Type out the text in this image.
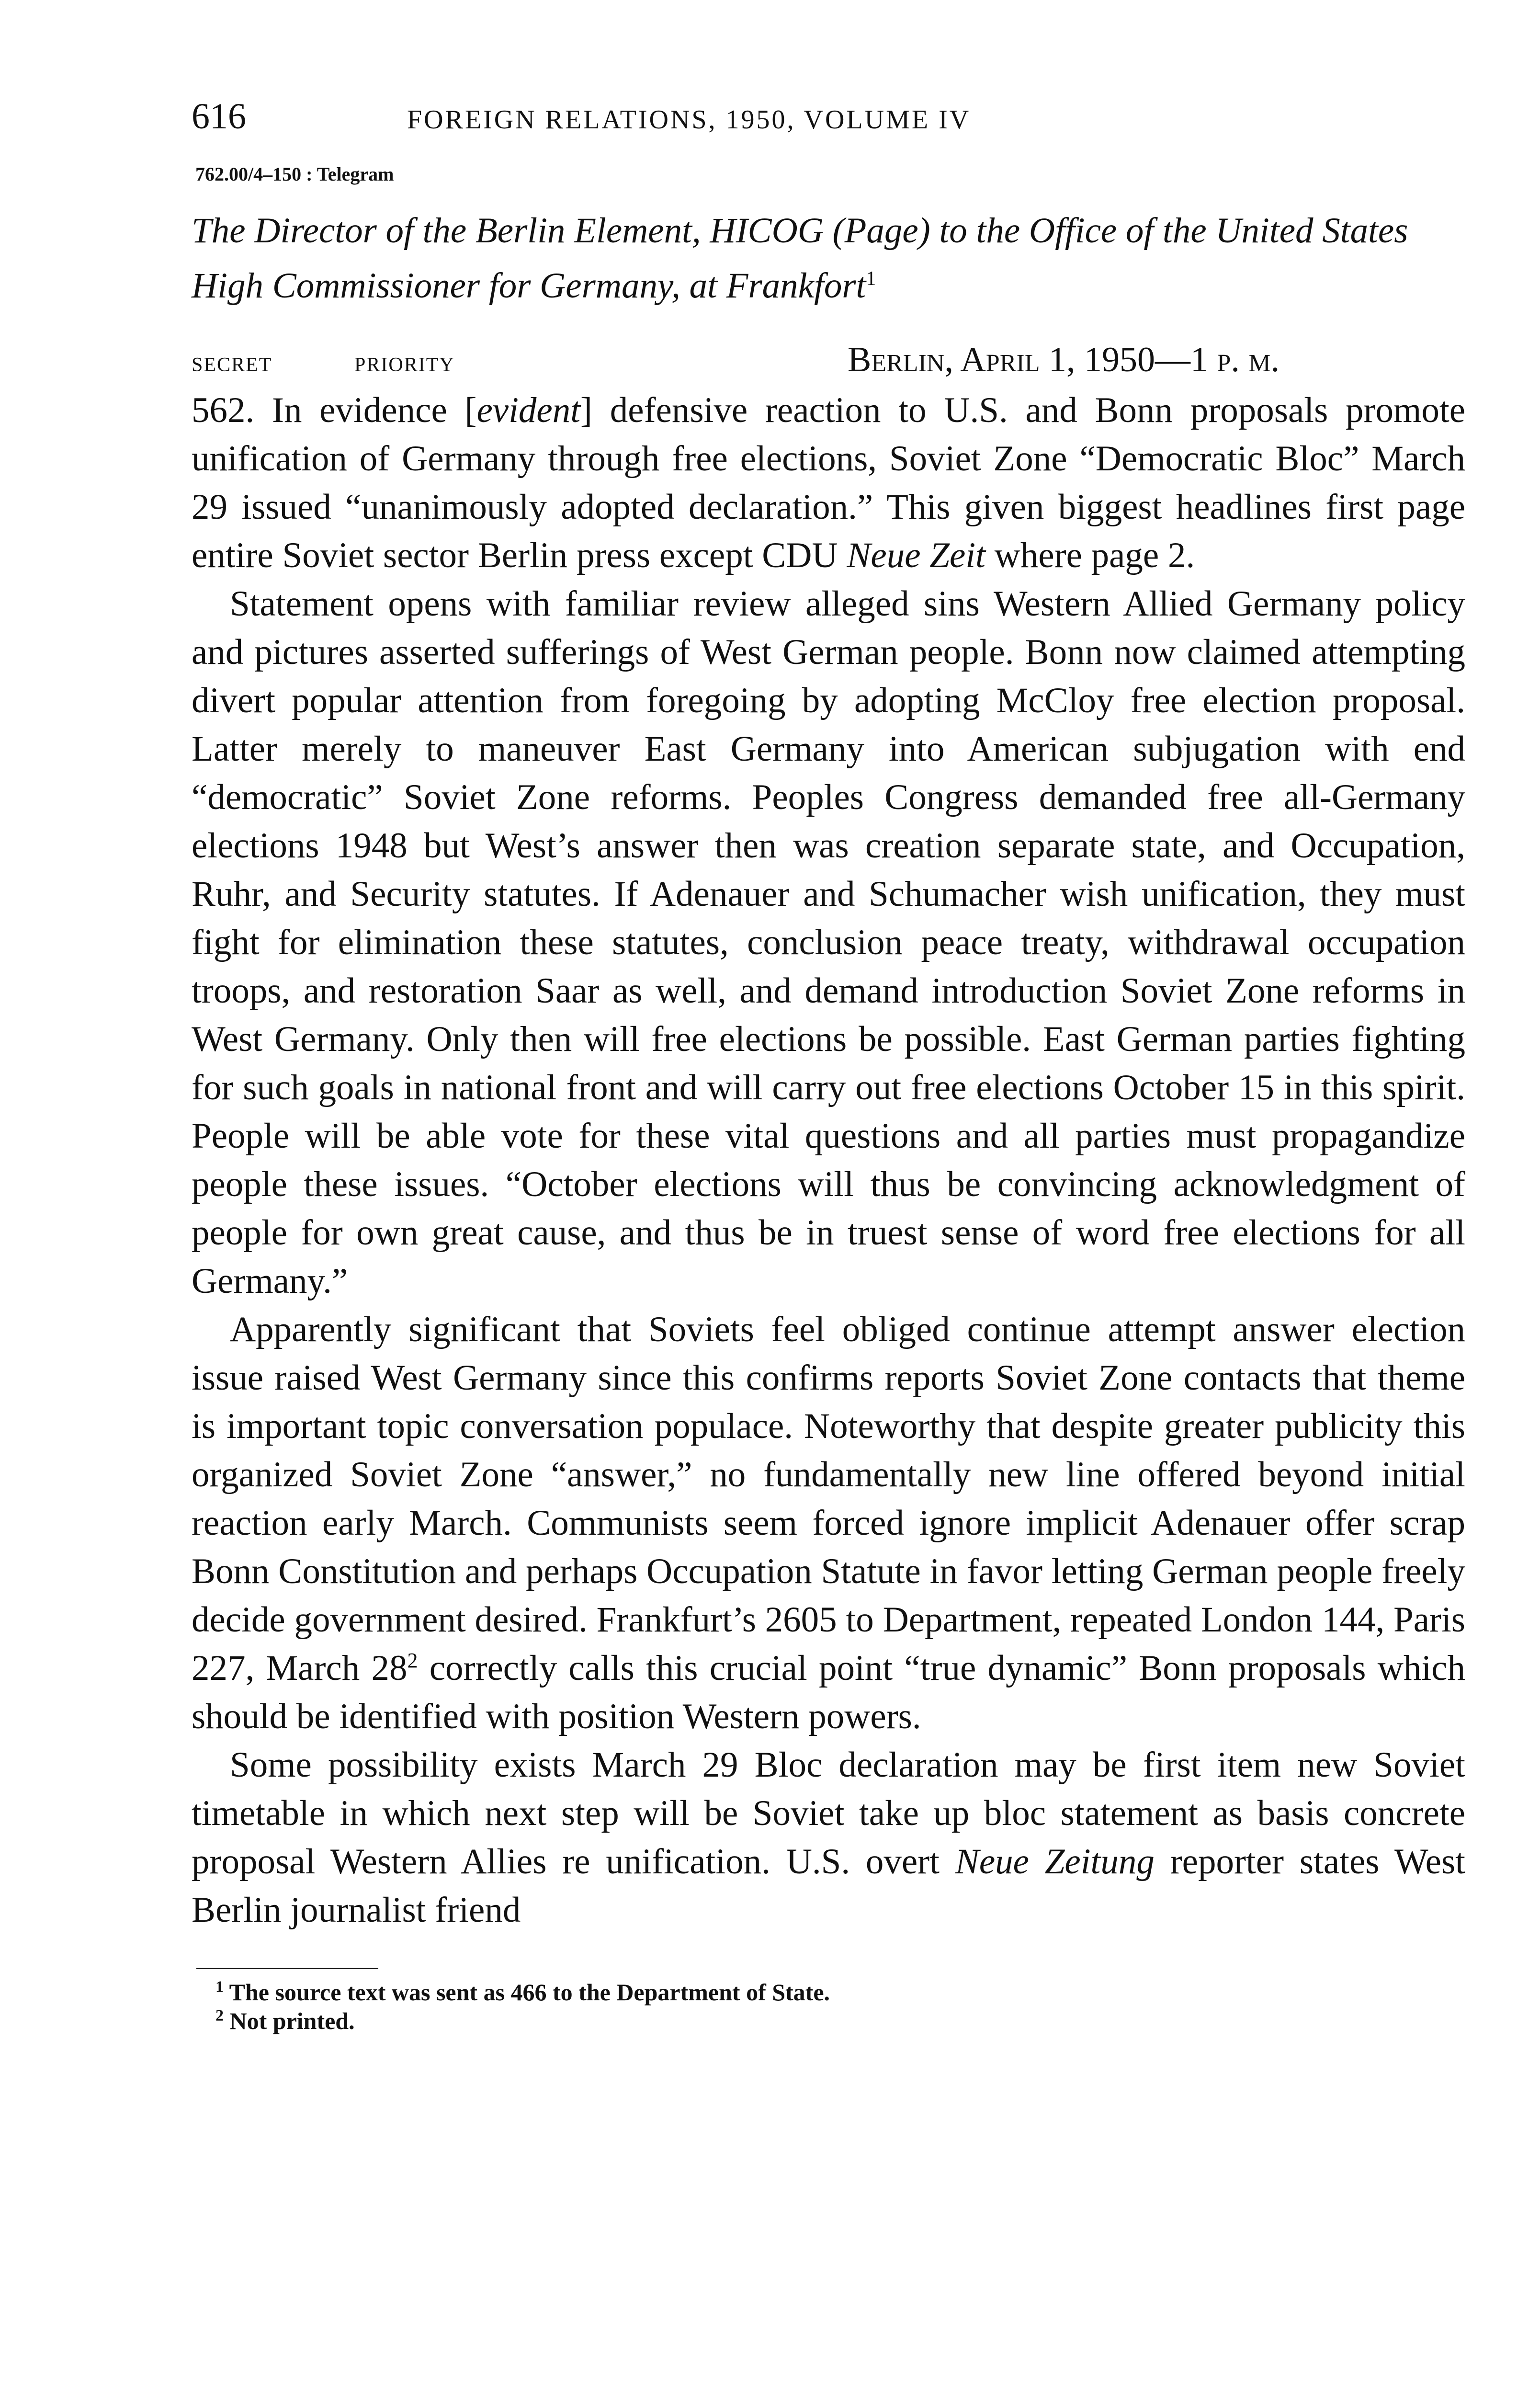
616	FOREIGN RELATIONS, 1950, VOLUME IV
762.00/4–150 : Telegram
The Director of the Berlin Element, HICOG (Page) to the Office of the United States High Commissioner for Germany, at Frankfort$^1$
SECRET	PRIORITY	Berlin, April 1, 1950—1 p. m.

562. In evidence [evident] defensive reaction to U.S. and Bonn proposals promote unification of Germany through free elections, Soviet Zone “Democratic Bloc” March 29 issued “unanimously adopted declaration.” This given biggest headlines first page entire Soviet sector Berlin press except CDU Neue Zeit where page 2.

Statement opens with familiar review alleged sins Western Allied Germany policy and pictures asserted sufferings of West German people. Bonn now claimed attempting divert popular attention from foregoing by adopting McCloy free election proposal. Latter merely to maneuver East Germany into American subjugation with end “democratic” Soviet Zone reforms. Peoples Congress demanded free all-Germany elections 1948 but West’s answer then was creation separate state, and Occupation, Ruhr, and Security statutes. If Adenauer and Schumacher wish unification, they must fight for elimination these statutes, conclusion peace treaty, withdrawal occupation troops, and restoration Saar as well, and demand introduction Soviet Zone reforms in West Germany. Only then will free elections be possible. East German parties fighting for such goals in national front and will carry out free elections October 15 in this spirit. People will be able vote for these vital questions and all parties must propagandize people these issues. “October elections will thus be convincing acknowledgment of people for own great cause, and thus be in truest sense of word free elections for all Germany.”

Apparently significant that Soviets feel obliged continue attempt answer election issue raised West Germany since this confirms reports Soviet Zone contacts that theme is important topic conversation populace. Noteworthy that despite greater publicity this organized Soviet Zone “answer,” no fundamentally new line offered beyond initial reaction early March. Communists seem forced ignore implicit Adenauer offer scrap Bonn Constitution and perhaps Occupation Statute in favor letting German people freely decide government desired. Frankfurt’s 2605 to Department, repeated London 144, Paris 227, March $28^2$ correctly calls this crucial point “true dynamic” Bonn proposals which should be identified with position Western powers.

Some possibility exists March 29 Bloc declaration may be first item new Soviet timetable in which next step will be Soviet take up bloc statement as basis concrete proposal Western Allies re unification. U.S. overt Neue Zeitung reporter states West Berlin journalist friend

$^1$ The source text was sent as 466 to the Department of State.
$^2$ Not printed.
